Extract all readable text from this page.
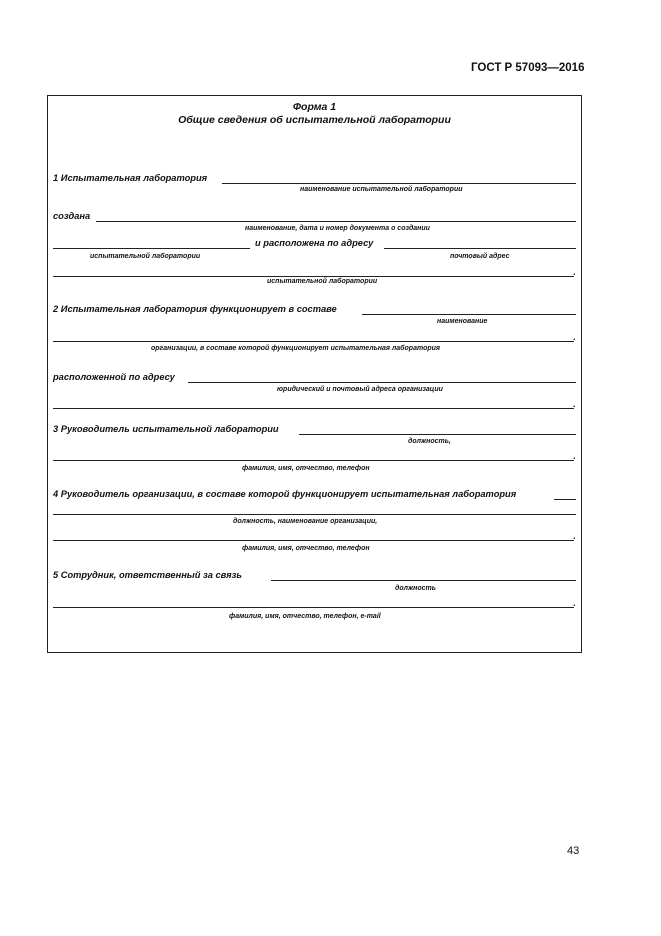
ГОСТ Р 57093—2016
Форма 1
Общие сведения об испытательной лаборатории
1 Испытательная лаборатория
наименование испытательной лаборатории
создана
наименование, дата и номер документа о создании
и расположена по адресу
испытательной лаборатории	почтовый адрес
.
испытательной лаборатории
2 Испытательная лаборатория функционирует в составе
наименование
.
организации, в составе которой функционирует испытательная лаборатория
расположенной по адресу
юридический и почтовый адреса организации
.
3 Руководитель испытательной лаборатории
должность,
.
фамилия, имя, отчество, телефон
4 Руководитель организации, в составе которой функционирует испытательная лаборатория
должность, наименование организации,
.
фамилия, имя, отчество, телефон
5 Сотрудник, ответственный за связь
должность
.
фамилия, имя, отчество, телефон, e-mail
43
